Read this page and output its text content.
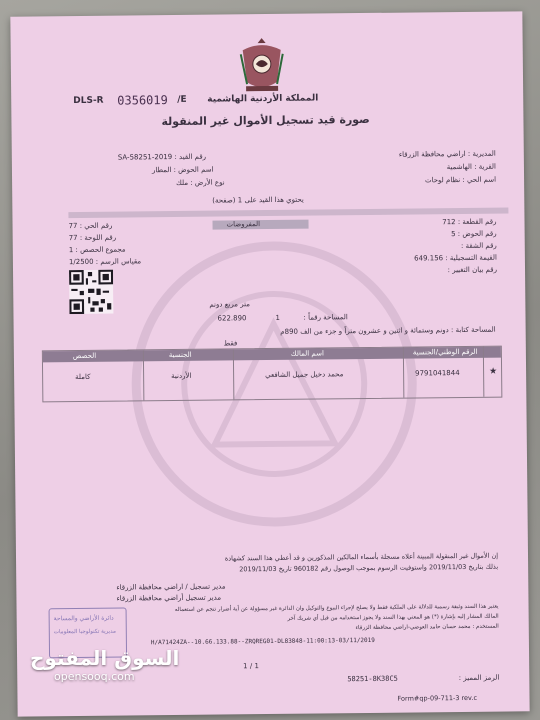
DLS-R 0356019 /E المملكة الأردنية الهاشمية
صورة قيد تسجيل الأموال غير المنقولة
المديرية : اراضي محافظة الزرقاء
القرية : الهاشمية
اسم الحي : نظام لوحات
رقم القيد : 2019-SA-58251
اسم الحوض : المطار
نوع الأرض : ملك
يحتوي هذا القيد على 1 (صفحة)
رقم القطعة : 712
رقم الحوض : 5
رقم الشقة :
القيمة التسجيلية : 649.156
رقم بيان التغيير :
المفروضات
رقم الحي : 77
رقم اللوحة : 77
مجموع الحصص : 1
مقياس الرسم : 1/2500
متر مربع دونم
المساحة رقماً :
622.890	1
المساحة كتابة : دونم وستمائة و اثنين و عشرون متراً و جزء من الف 890م
فقط
الرقم الوطني/الجنسية
اسم المالك
الجنسية
الحصص
9791041844
محمد دخيل جميل الشافعي
الأردنية
كاملة
★
إن الأموال غير المنقولة المبينة أعلاه مسجلة بأسماء المالكين المذكورين و قد أعطي هذا السند كشهادة
بذلك بتاريخ 2019/11/03 واستوفيت الرسوم بموجب الوصول رقم 960182 تاريخ 2019/11/03
مدير تسجيل / اراضي محافظة الزرقاء
مدير تسجيل أراضي محافظة الزرقاء
يعتبر هذا السند وثيقة رسمية للدلالة على الملكية فقط ولا يصلح لإجراء البيوع والتوكيل وان الدائرة غير مسؤولة عن أية أضرار تنجم عن استعماله
المالك المشار إليه بإشارة (*) هو المعني بهذا السند ولا يجوز استخدامه من قبل أي شريك آخر
المستخدم : محمد حسان حامد العوضي-اراضي محافظة الزرقاء
H/A71424ZA--10.66.133.88--ZRQREG01-DL83848-11:00:13-03/11/2019
1 / 1
58251-8K38C5	الرمز المميز :
Form#qp-09-711-3 rev.c
دائرة الأراضي والمساحة
مديرية تكنولوجيا المعلومات
السوق المفتوح
opensooq.com
